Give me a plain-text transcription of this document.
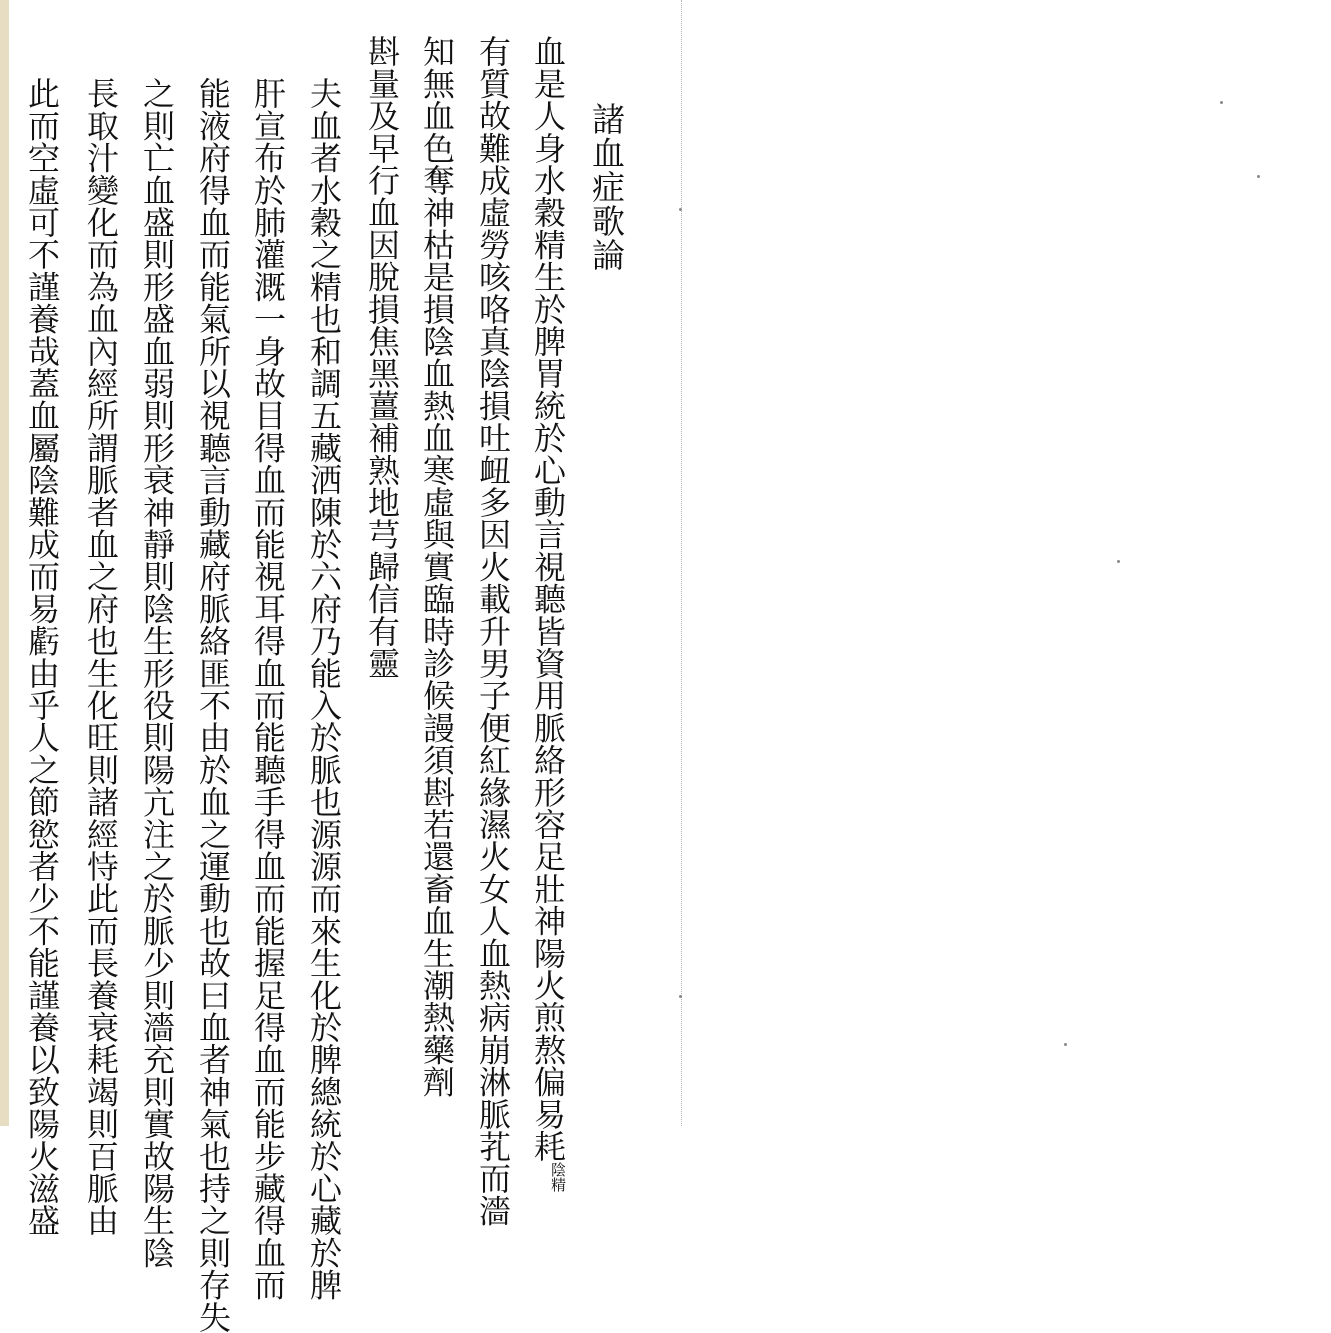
諸血症歌論
血是人身水穀精生於脾胃統於心動言視聽皆資用脈絡形容足壯神陽火煎熬偏易耗陰精
有質故難成虛勞咳咯真陰損吐衄多因火載升男子便紅緣濕火女人血熱病崩淋脈芤而濇
知無血色奪神枯是損陰血熱血寒虛與實臨時診候謾須斟若還畜血生潮熱藥劑
斟量及早行血因脫損焦黑薑補熟地芎歸信有靈
夫血者水穀之精也和調五藏洒陳於六府乃能入於脈也源源而來生化於脾總統於心藏於脾
肝宣布於肺灌溉一身故目得血而能視耳得血而能聽手得血而能握足得血而能步藏得血而
能液府得血而能氣所以視聽言動藏府脈絡匪不由於血之運動也故曰血者神氣也持之則存失
之則亡血盛則形盛血弱則形衰神靜則陰生形役則陽亢注之於脈少則濇充則實故陽生陰
長取汁變化而為血內經所謂脈者血之府也生化旺則諸經恃此而長養衰耗竭則百脈由
此而空虛可不謹養哉蓋血屬陰難成而易虧由乎人之節慾者少不能謹養以致陽火滋盛
